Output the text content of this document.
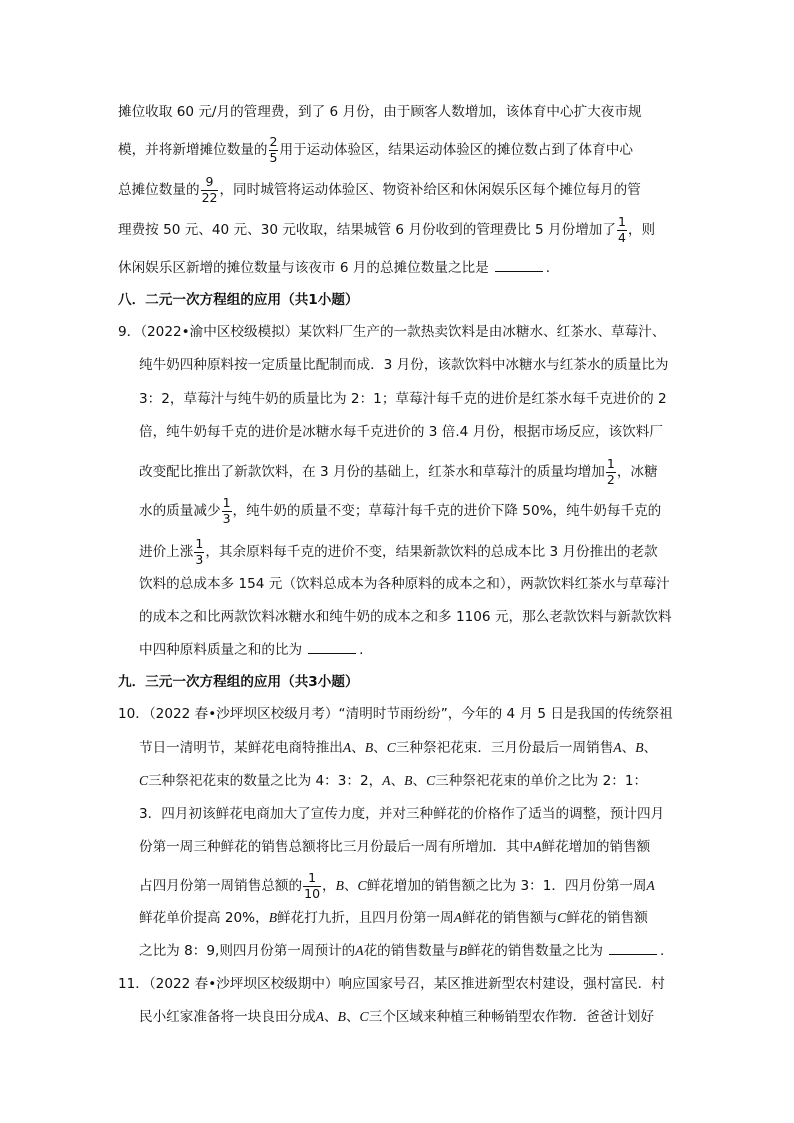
摊位收取 60 元/月的管理费，到了 6 月份，由于顾客人数增加，该体育中心扩大夜市规
模，并将新增摊位数量的 $\frac{2}{5}$ 用于运动体验区，结果运动体验区的摊位数占到了体育中心
总摊位数量的 $\frac{9}{22}$ ，同时城管将运动体验区、物资补给区和休闲娱乐区每个摊位每月的管
理费按 50 元、40 元、30 元收取，结果城管 6 月份收到的管理费比 5 月份增加了 $\frac{1}{4}$ ，则
休闲娱乐区新增的摊位数量与该夜市 6 月的总摊位数量之比是	.
八．二元一次方程组的应用（共1小题）
9．（2022•渝中区校级模拟）某饮料厂生产的一款热卖饮料是由冰糖水、红茶水、草莓汁、
纯牛奶四种原料按一定质量比配制而成．3 月份，该款饮料中冰糖水与红茶水的质量比为
3：2，草莓汁与纯牛奶的质量比为 2：1；草莓汁每千克的进价是红茶水每千克进价的 2
倍，纯牛奶每千克的进价是冰糖水每千克进价的 3 倍.4 月份，根据市场反应，该饮料厂
改变配比推出了新款饮料，在 3 月份的基础上，红茶水和草莓汁的质量均增加 $\frac{1}{2}$ ，冰糖
水的质量减少 $\frac{1}{3}$ ，纯牛奶的质量不变；草莓汁每千克的进价下降 50%，纯牛奶每千克的
进价上涨 $\frac{1}{3}$ ，其余原料每千克的进价不变，结果新款饮料的总成本比 3 月份推出的老款
饮料的总成本多 154 元（饮料总成本为各种原料的成本之和），两款饮料红茶水与草莓汁
的成本之和比两款饮料冰糖水和纯牛奶的成本之和多 1106 元，那么老款饮料与新款饮料
中四种原料质量之和的比为	.
九．三元一次方程组的应用（共3小题）
10．（2022 春•沙坪坝区校级月考）“清明时节雨纷纷”，今年的 4 月 5 日是我国的传统祭祖
节日一清明节，某鲜花电商特推出A、B、C三种祭祀花束．三月份最后一周销售A、B、
C三种祭祀花束的数量之比为 4：3：2，A、B、C三种祭祀花束的单价之比为 2：1：
3．四月初该鲜花电商加大了宣传力度，并对三种鲜花的价格作了适当的调整，预计四月
份第一周三种鲜花的销售总额将比三月份最后一周有所增加．其中A鲜花增加的销售额
占四月份第一周销售总额的 $\frac{1}{10}$ ，B、C鲜花增加的销售额之比为 3：1．四月份第一周A
鲜花单价提高 20%，B鲜花打九折，且四月份第一周A鲜花的销售额与C鲜花的销售额
之比为 8：9,则四月份第一周预计的A花的销售数量与B鲜花的销售数量之比为	.
11．（2022 春•沙坪坝区校级期中）响应国家号召，某区推进新型农村建设，强村富民．村
民小红家准备将一块良田分成A、B、C三个区域来种植三种畅销型农作物．爸爸计划好
